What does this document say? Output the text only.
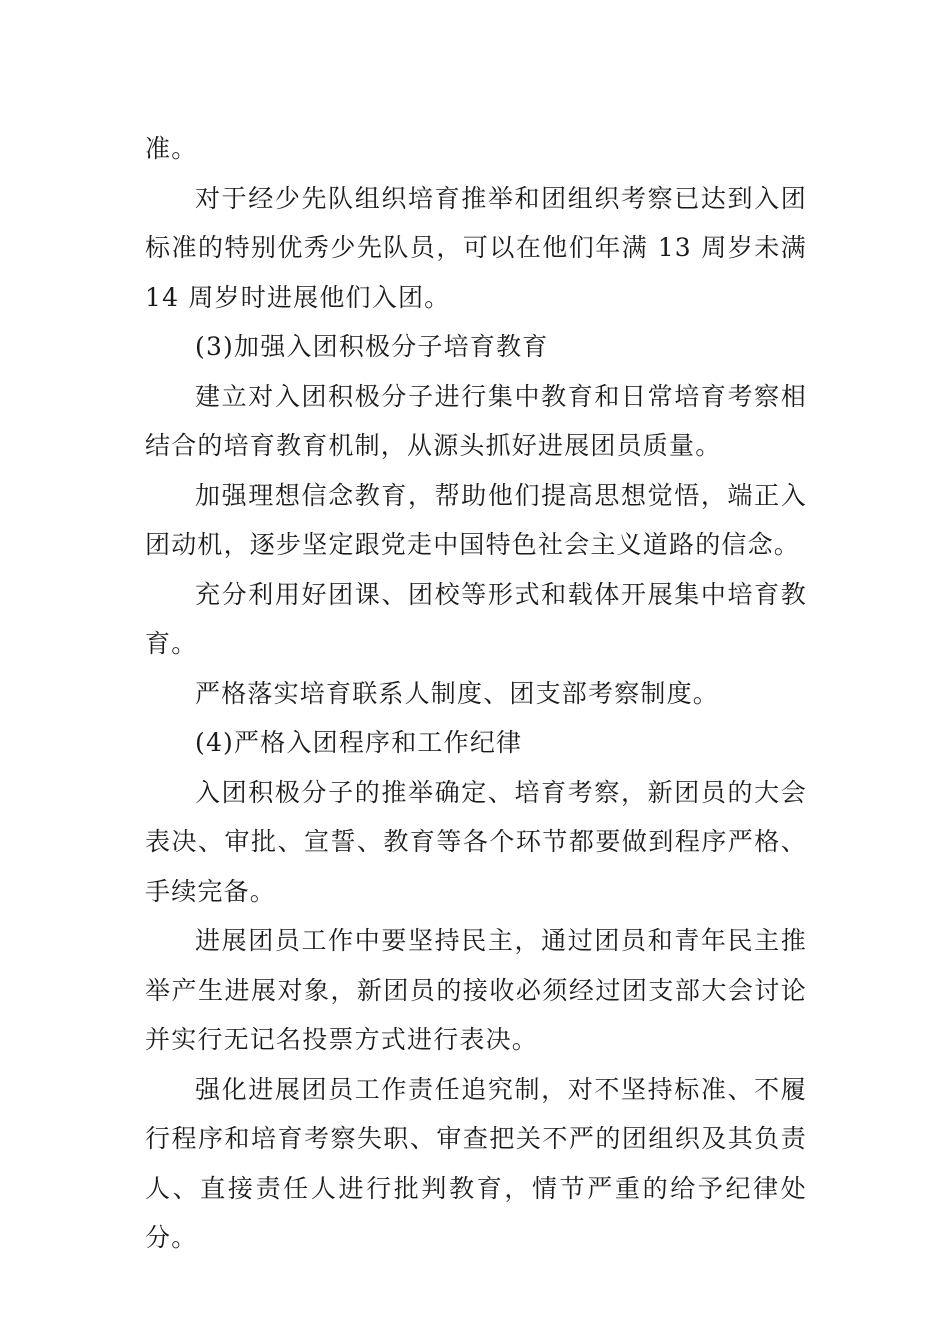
准。

对于经少先队组织培育推举和团组织考察已达到入团标准的特别优秀少先队员，可以在他们年满 13 周岁未满 14 周岁时进展他们入团。

(3)加强入团积极分子培育教育

建立对入团积极分子进行集中教育和日常培育考察相结合的培育教育机制，从源头抓好进展团员质量。

加强理想信念教育，帮助他们提高思想觉悟，端正入团动机，逐步坚定跟党走中国特色社会主义道路的信念。

充分利用好团课、团校等形式和载体开展集中培育教育。

严格落实培育联系人制度、团支部考察制度。

(4)严格入团程序和工作纪律

入团积极分子的推举确定、培育考察，新团员的大会表决、审批、宣誓、教育等各个环节都要做到程序严格、手续完备。

进展团员工作中要坚持民主，通过团员和青年民主推举产生进展对象，新团员的接收必须经过团支部大会讨论并实行无记名投票方式进行表决。

强化进展团员工作责任追究制，对不坚持标准、不履行程序和培育考察失职、审查把关不严的团组织及其负责人、直接责任人进行批判教育，情节严重的给予纪律处分。
